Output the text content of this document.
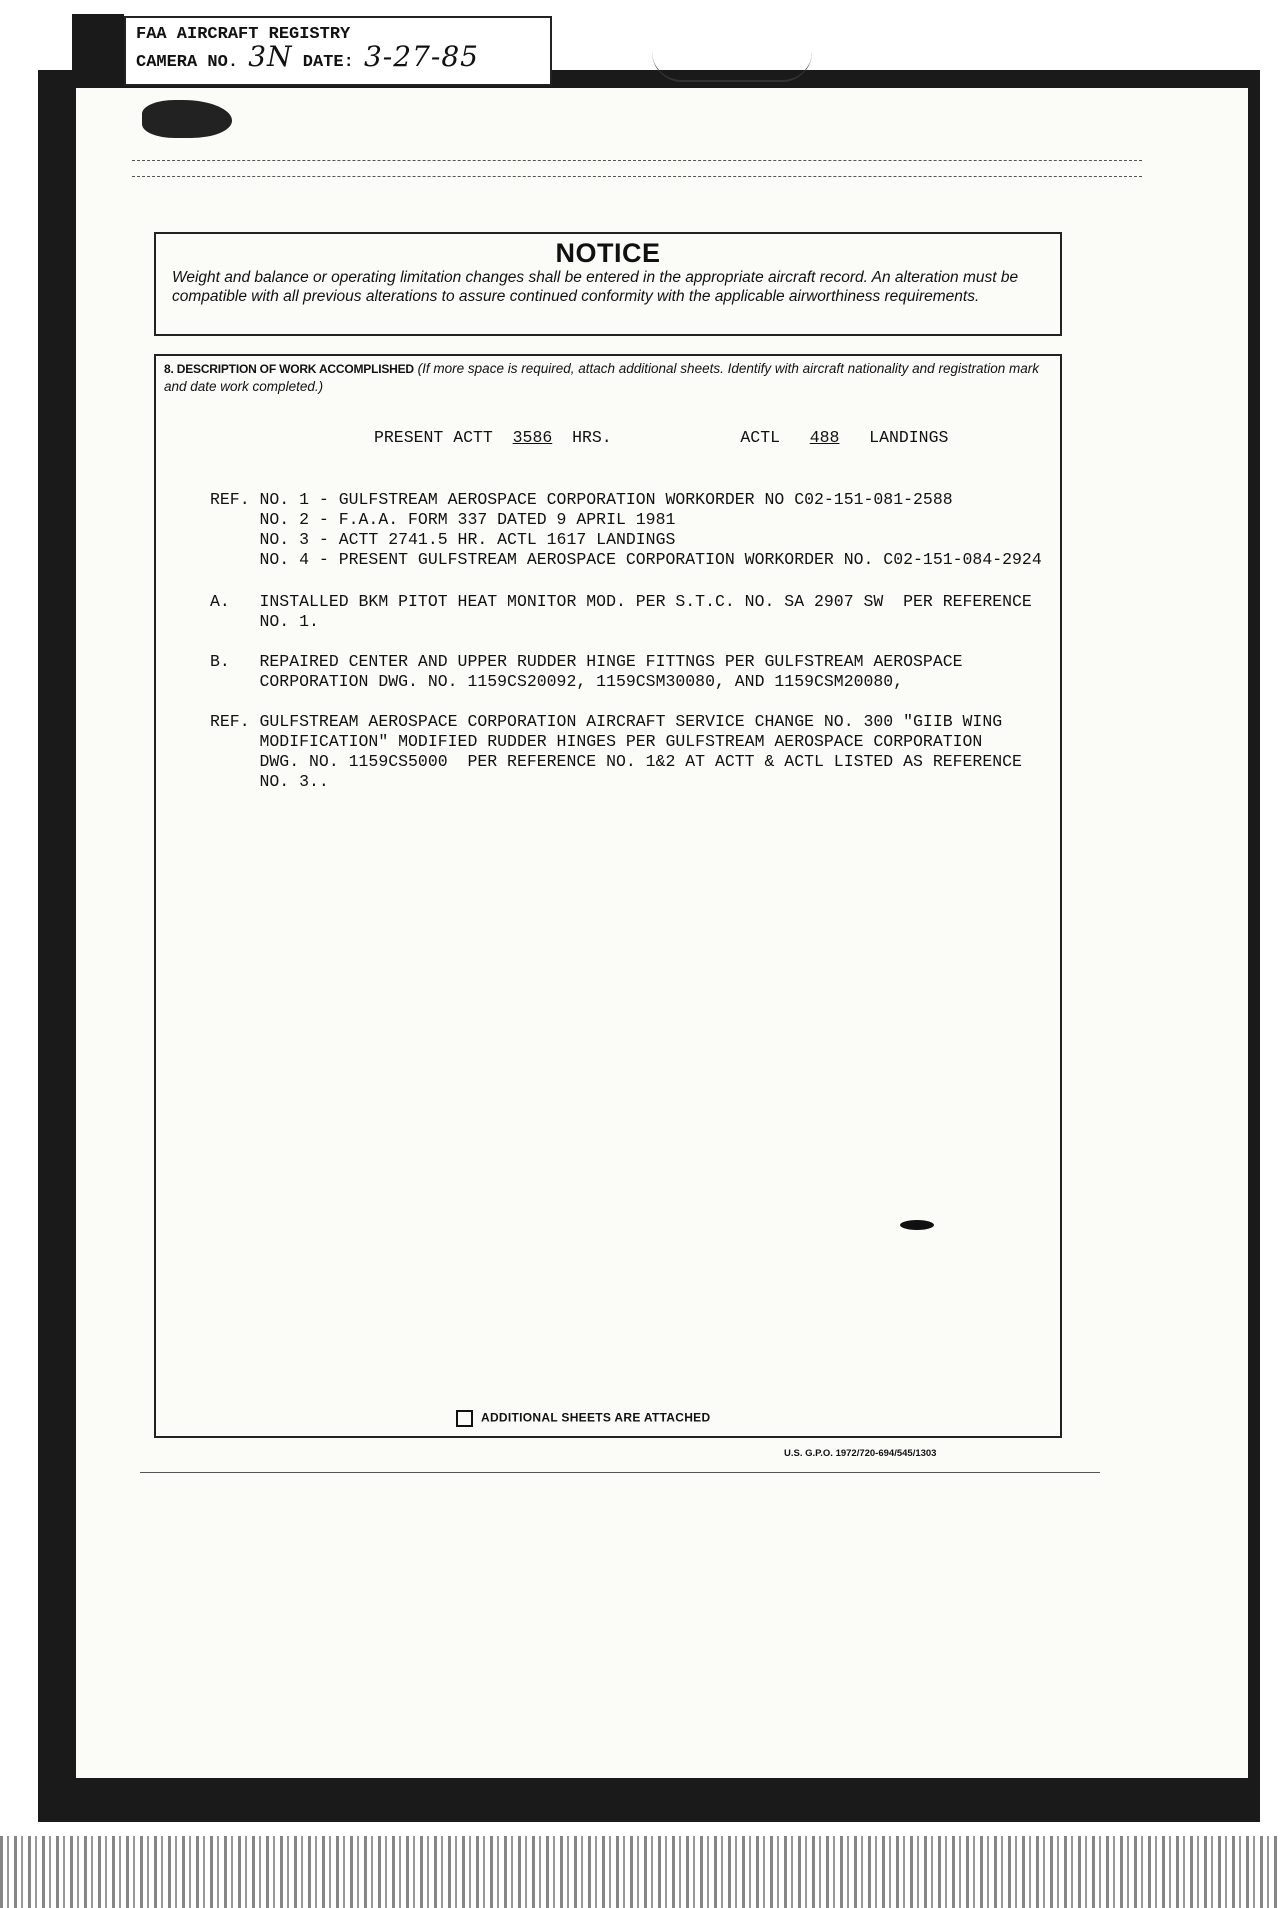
FAA AIRCRAFT REGISTRY
CAMERA NO. 3N DATE: 3-27-85
NOTICE

Weight and balance or operating limitation changes shall be entered in the appropriate aircraft record. An alteration must be compatible with all previous alterations to assure continued conformity with the applicable airworthiness requirements.

8. DESCRIPTION OF WORK ACCOMPLISHED (If more space is required, attach additional sheets. Identify with aircraft nationality and registration mark and date work completed.)
PRESENT ACTT 3586 HRS.	ACTL 488 LANDINGS

REF. NO. 1 - GULFSTREAM AEROSPACE CORPORATION WORKORDER NO C02-151-081-2588
NO. 2 - F.A.A. FORM 337 DATED 9 APRIL 1981
NO. 3 - ACTT 2741.5 HR. ACTL 1617 LANDINGS
NO. 4 - PRESENT GULFSTREAM AEROSPACE CORPORATION WORKORDER NO. C02-151-084-2924

A.   INSTALLED BKM PITOT HEAT MONITOR MOD. PER S.T.C. NO. SA 2907 SW  PER REFERENCE
NO. 1.

B.   REPAIRED CENTER AND UPPER RUDDER HINGE FITTNGS PER GULFSTREAM AEROSPACE
CORPORATION DWG. NO. 1159CS20092, 1159CSM30080, AND 1159CSM20080,

REF. GULFSTREAM AEROSPACE CORPORATION AIRCRAFT SERVICE CHANGE NO. 300 "GIIB WING
MODIFICATION" MODIFIED RUDDER HINGES PER GULFSTREAM AEROSPACE CORPORATION
DWG. NO. 1159CS5000  PER REFERENCE NO. 1&2 AT ACTT & ACTL LISTED AS REFERENCE
NO. 3..
ADDITIONAL SHEETS ARE ATTACHED
U.S. G.P.O. 1972/720-694/545/1303
